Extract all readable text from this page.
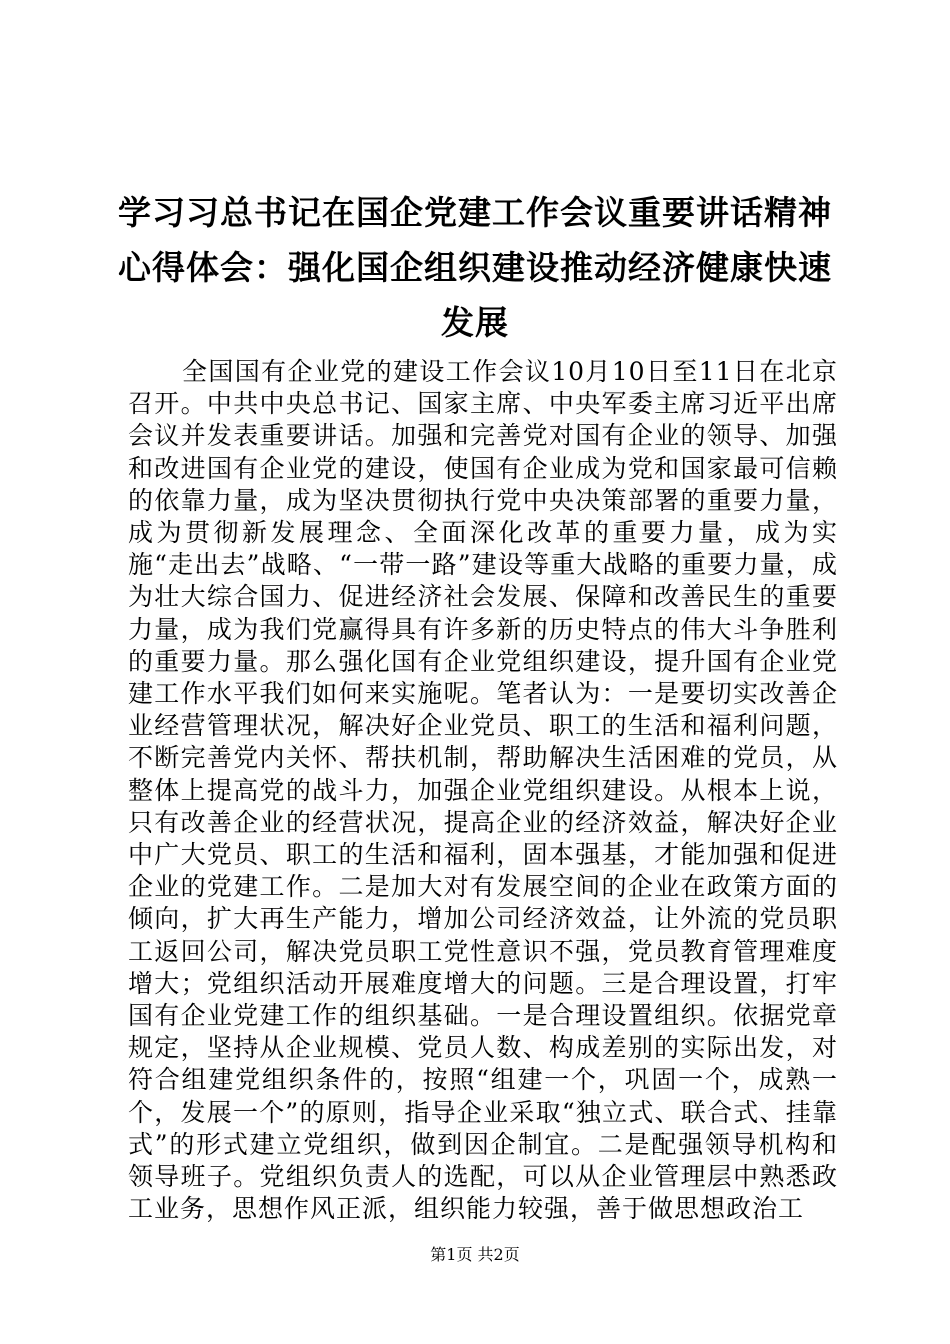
学习习总书记在国企党建工作会议重要讲话精神心得体会：强化国企组织建设推动经济健康快速发展

全国国有企业党的建设工作会议10月10日至11日在北京召开。中共中央总书记、国家主席、中央军委主席习近平出席会议并发表重要讲话。加强和完善党对国有企业的领导、加强和改进国有企业党的建设，使国有企业成为党和国家最可信赖的依靠力量，成为坚决贯彻执行党中央决策部署的重要力量，成为贯彻新发展理念、全面深化改革的重要力量，成为实施“走出去”战略、“一带一路”建设等重大战略的重要力量，成为壮大综合国力、促进经济社会发展、保障和改善民生的重要力量，成为我们党赢得具有许多新的历史特点的伟大斗争胜利的重要力量。那么强化国有企业党组织建设，提升国有企业党建工作水平我们如何来实施呢。笔者认为：一是要切实改善企业经营管理状况，解决好企业党员、职工的生活和福利问题，不断完善党内关怀、帮扶机制，帮助解决生活困难的党员，从整体上提高党的战斗力，加强企业党组织建设。从根本上说，只有改善企业的经营状况，提高企业的经济效益，解决好企业中广大党员、职工的生活和福利，固本强基，才能加强和促进企业的党建工作。二是加大对有发展空间的企业在政策方面的倾向，扩大再生产能力，增加公司经济效益，让外流的党员职工返回公司，解决党员职工党性意识不强，党员教育管理难度增大；党组织活动开展难度增大的问题。三是合理设置，打牢国有企业党建工作的组织基础。一是合理设置组织。依据党章规定，坚持从企业规模、党员人数、构成差别的实际出发，对符合组建党组织条件的，按照“组建一个，巩固一个，成熟一个，发展一个”的原则，指导企业采取“独立式、联合式、挂靠式”的形式建立党组织，做到因企制宜。二是配强领导机构和领导班子。党组织负责人的选配，可以从企业管理层中熟悉政工业务，思想作风正派，组织能力较强，善于做思想政治工

第1页 共2页
